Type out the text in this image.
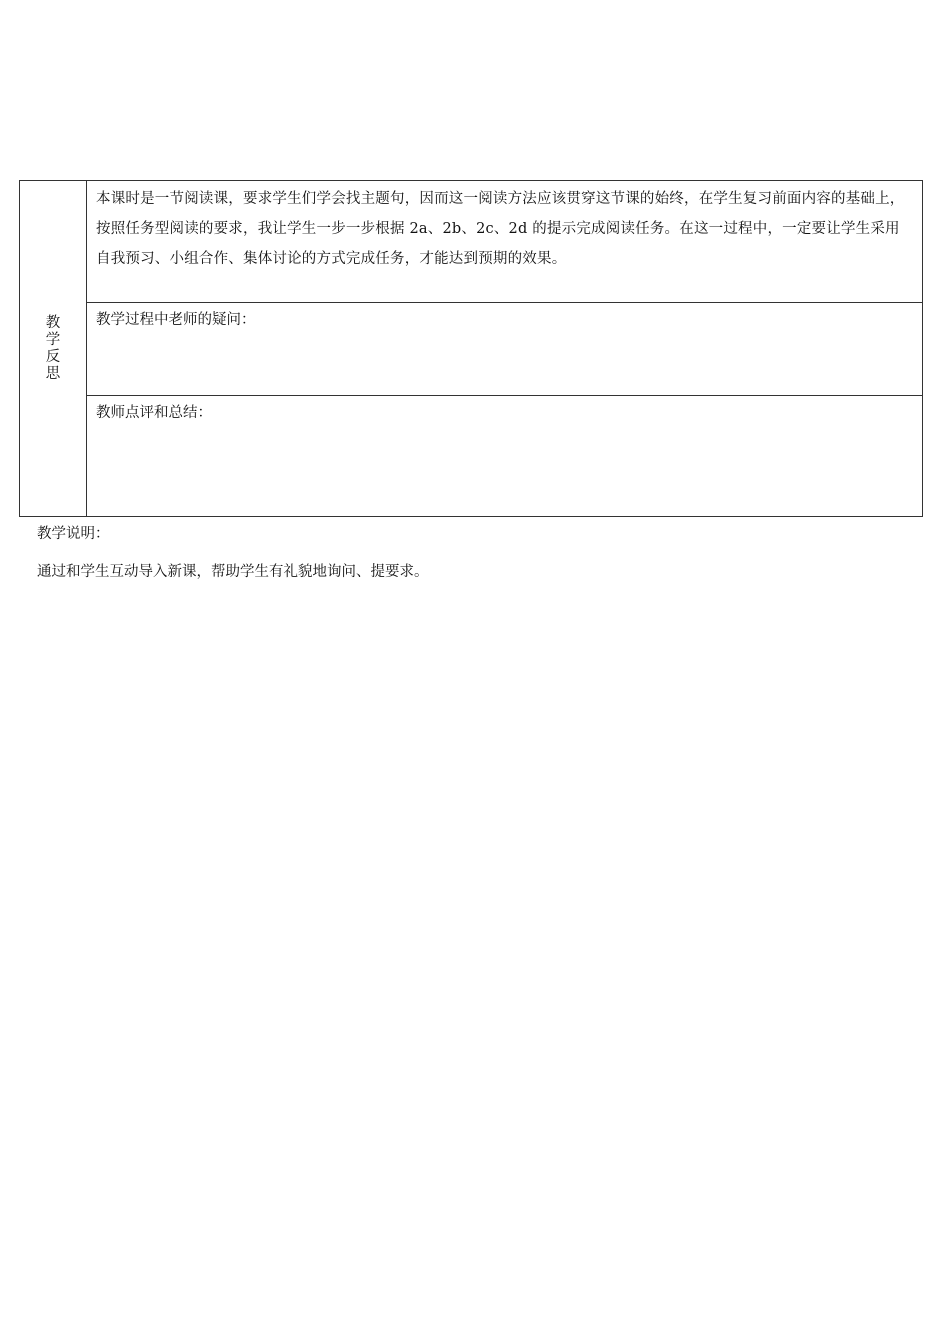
教学反思	
本课时是一节阅读课，要求学生们学会找主题句，因而这一阅读方法应该贯穿这节课的始终，在学生复习前面内容的基础上，按照任务型阅读的要求，我让学生一步一步根据 2a、2b、2c、2d 的提示完成阅读任务。在这一过程中，一定要让学生采用自我预习、小组合作、集体讨论的方式完成任务，才能达到预期的效果。

教学过程中老师的疑问：

教师点评和总结：
教学说明：
通过和学生互动导入新课，帮助学生有礼貌地询问、提要求。
